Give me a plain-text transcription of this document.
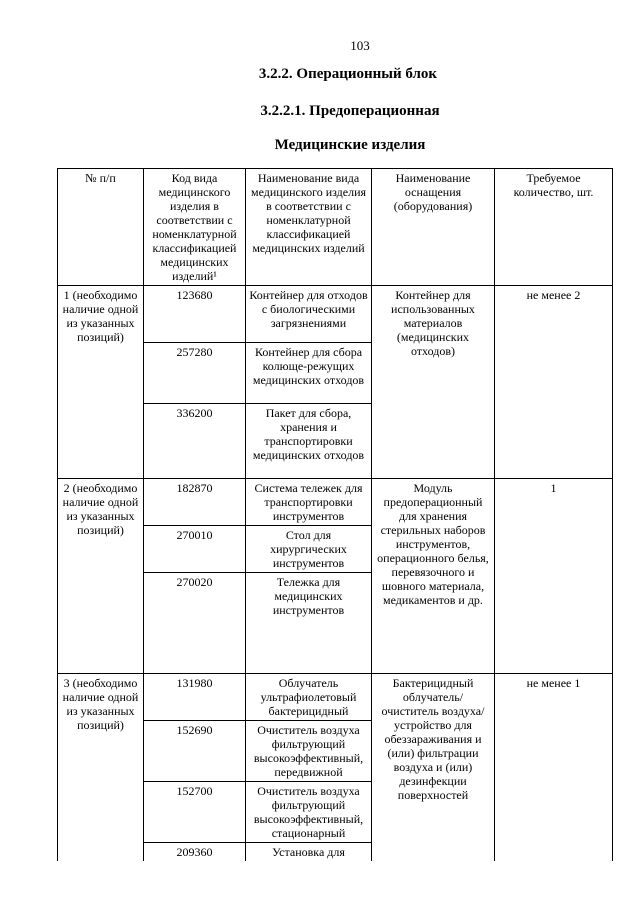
103
3.2.2. Операционный блок
3.2.2.1. Предоперационная
Медицинские изделия
№ п/п	Код вида медицинского изделия в соответствии с номенклатурной классификацией медицинских изделий¹	Наименование вида медицинского изделия в соответствии с номенклатурной классификацией медицинских изделий	Наименование оснащения (оборудования)	Требуемое количество, шт.
1 (необходимо наличие одной из указанных позиций)	123680	Контейнер для отходов с биологическими загрязнениями	Контейнер для использованных материалов (медицинских отходов)	не менее 2
	257280	Контейнер для сбора колюще-режущих медицинских отходов		
	336200	Пакет для сбора, хранения и транспортировки медицинских отходов		
2 (необходимо наличие одной из указанных позиций)	182870	Система тележек для транспортировки инструментов	Модуль предоперационный для хранения стерильных наборов инструментов, операционного белья, перевязочного и шовного материала, медикаментов и др.	1
	270010	Стол для хирургических инструментов		
	270020	Тележка для медицинских инструментов		
3 (необходимо наличие одной из указанных позиций)	131980	Облучатель ультрафиолетовый бактерицидный	Бактерицидный облучатель/ очиститель воздуха/ устройство для обеззараживания и (или) фильтрации воздуха и (или) дезинфекции поверхностей	не менее 1
	152690	Очиститель воздуха фильтрующий высокоэффективный, передвижной		
	152700	Очиститель воздуха фильтрующий высокоэффективный, стационарный		
	209360	Установка для		
